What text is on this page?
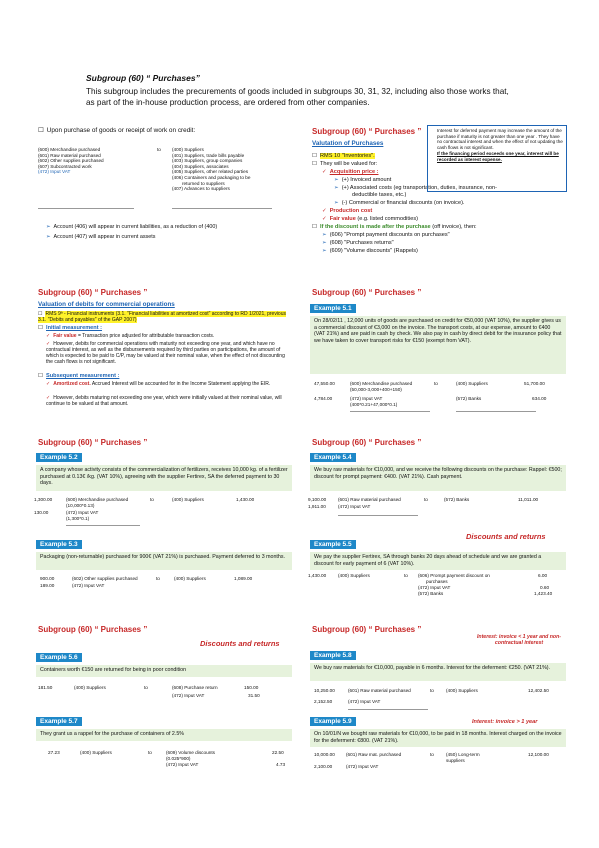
Subgroup (60) “ Purchases”
This subgroup includes the precurements of goods included in subgroups 30, 31, 32, including also those works that, as part of the in-house production process, are ordered from other companies.
☐ Upon purchase of goods or receipt of work on credit:
(600) Merchandise purchased
(601) Raw material purchased
(602) Other supplies purchased
(607) Subcontracted work
(472) Input VAT
to (400) Suppliers
(401) Suppliers, trade bills payable
(403) Suppliers, group companies
(404) Suppliers, associates
(405) Suppliers, other related parties
(406) Containers and packaging to be
returned to suppliers
(407) Advances to suppliers
➢ Account (406) will appear in current liabilities, as a reduction of (400)
➢ Account (407) will appear in current assets
Subgroup (60) “ Purchases ”
Valutation of Purchases
☐ RMS 10 "Inventories".
☐ They will be valued for:
✓ Acquisition price :
➢ (+) Invoiced amount
➢ (+) Associated costs (eg transportation, duties, insurance, non-
deductible taxes, etc.)
➢ (-) Commercial or financial discounts (on invoice).
✓ Production cost
✓ Fair value (e.g. listed commodities)
☐ If the discount is made after the purchase (off invoice), then:
➢ (606) "Prompt payment discounts on purchases"
➢ (608) "Purchases returns"
➢ (609) "Volume discounts" (Rappels)
Interest for deferred payment may increase the amount of the purchase if maturity is not greater than one year . They have no contractual interest and when the effect of not updating the cash flows is not significant.
If the financing period exceeds one year, interest will be recorded as interest expense.
Subgroup (60) “ Purchases ”
Valuation of debits for commercial operations
☐ RMS 9ª - Financial instruments (3.1. "Financial liabilities at amortized cost" according to RD 1/2021, previous 3.1. "Debits and payables" of the GAP 2007)
☐ Initial measurement :
✓ Fair value = Transaction price adjusted for attributable transaction costs.
✓ However, debits for commercial operations with maturity not exceeding one year, and which have no contractual interest, as well as the disbursements required by third parties on participations, the amount of which is expected to be paid to C/P, may be valued at their nominal value, when the effect of not discounting the cash flows is not significant.
☐ Subsequent measurement :
✓ Amortized cost. Accrued Interest will be accounted for in the Income Statement applying the EIR.
✓ However, debits maturing not exceeding one year, which were initially valued at their nominal value, will continue to be valued at that amount.
Subgroup (60) “ Purchases ”
Example 5.1
On 28/02/11 , 12,000 units of goods are purchased on credit for €50,000 (VAT 10%), the supplier gives us a commercial discount of €3,000 on the invoice. The transport costs, at our expense, amount to €400 (VAT 21%) and are paid in cash by check. We also pay in cash by direct debit for the insurance policy that we have taken to cover transport risks for €150 (exempt from VAT).
47,550.00	(600) Merchandise purchased
(50,000-3,000+400+150)
to	(400) Suppliers	51,700.00
4,784.00	(472) Input VAT
(400*0.21+47,000*0.1)
(572) Banks	634.00
Subgroup (60) “ Purchases ”
Example 5.2
A company whose activity consists of the commercialization of fertilizers, receives 10,000 kg. of a fertilizer purchased at 0.13€ /kg. (VAT 10%), agreeing with the supplier Fertirex, SA the deferred payment to 30 days.
1,300.00	(600) Merchandise purchased
(10,000*0.13)
to	(400) Suppliers	1,430.00
130.00	(472) Input VAT
(1,300*0.1)
Example 5.3
Packaging (non-returnable) purchased for 900€ (VAT 21%) is purchased. Payment deferred to 3 months.
900.00	(602) Other supplies purchased	to	(400) Suppliers	1,089.00
189.00	(472) Input VAT
Subgroup (60) “ Purchases ”
Example 5.4
We buy raw materials for €10,000, and we receive the following discounts on the purchase: Rappel: €500; discount for prompt payment: €400. (VAT 21%). Cash payment.
9,100.00	(601) Raw material purchased	to	(572) Banks	11,011.00
1,911.00	(472) Input VAT
Discounts and returns
Example 5.5
We pay the supplier Fertirex, SA through banks 20 days ahead of schedule and we are granted a discount for early payment of 6 (VAT 10%).
1,430.00	(400) Suppliers	to (606) Prompt payment discount on	6.00
purchases
(472) Input VAT	0.60
(572) Banks	1,423.40
Subgroup (60) “ Purchases ”
Discounts and returns
Example 5.6
Containers worth €150 are returned for being in poor condition
181.50	(400) Suppliers	to	(608) Purchase return	150.00
(472) Input VAT	31.50
Example 5.7
They grant us a rappel for the purchase of containers of 2.5%
27.23	(400) Suppliers	to	(609) Volume discounts	22.50
(0.025*900)
(472) Input VAT	4.73
Subgroup (60) “ Purchases ”
Interest: invoice < 1 year and non-contractual interest
Example 5.8
We buy raw materials for €10,000, payable in 6 months. Interest for the deferment: €250. (VAT 21%).
10,250.00	(601) Raw material purchased	to	(400) Suppliers	12,402.50
2,152.50	(472) Input VAT
Example 5.9	Interest: invoice > 1 year
On 10/01/N we bought raw materials for €10,000, to be paid in 18 months. Interest charged on the invoice for the deferment: €800. (VAT 21%).
10,000.00 (601) Raw mat. purchased	to	(450) Long-term	12,100.00
suppliers
2,100.00	(472) Input VAT
